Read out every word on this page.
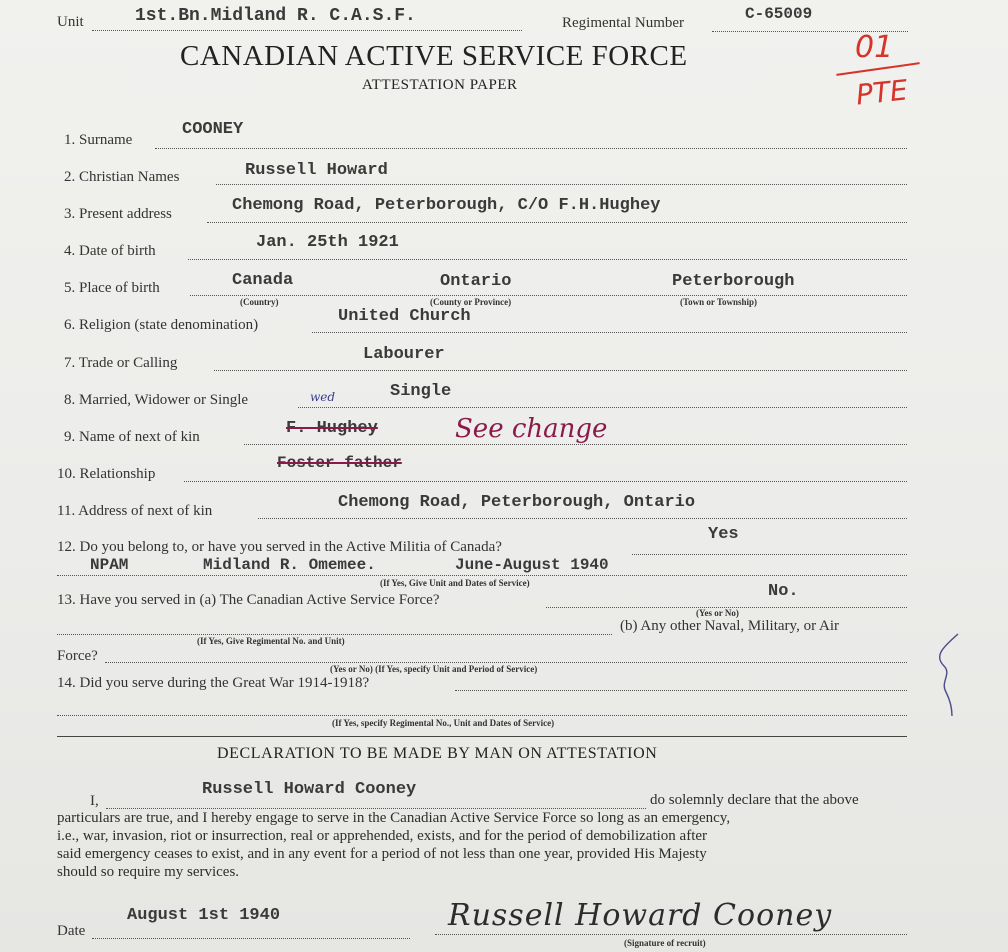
Unit	1st.Bn.Midland R. C.A.S.F.	Regimental Number	C-65009
CANADIAN ACTIVE SERVICE FORCE
ATTESTATION PAPER
01
PTE
1. Surname
COONEY
2. Christian Names	Russell Howard
3. Present address	Chemong Road, Peterborough, C/O F.H.Hughey
4. Date of birth	Jan. 25th 1921
5. Place of birth	Canada	Ontario	Peterborough
(Country)	(County or Province)	(Town or Township)
6. Religion (state denomination)	United Church
7. Trade or Calling	Labourer
8. Married, Widower or Single	wed	Single
9. Name of next of kin	F. Hughey	See change
10. Relationship
Foster-father
11. Address of next of kin	Chemong Road, Peterborough, Ontario
12. Do you belong to, or have you served in the Active Militia of Canada?
Yes
NPAM	Midland R. Omemee.	June-August 1940
(If Yes, Give Unit and Dates of Service)
13. Have you served in (a) The Canadian Active Service Force?	No.
(Yes or No)
(b) Any other Naval, Military, or Air
(If Yes, Give Regimental No. and Unit)
Force?
(Yes or No) (If Yes, specify Unit and Period of Service)
14. Did you serve during the Great War 1914-1918?
(If Yes, specify Regimental No., Unit and Dates of Service)
DECLARATION TO BE MADE BY MAN ON ATTESTATION
I,
Russell Howard Cooney
do solemnly declare that the above
particulars are true, and I hereby engage to serve in the Canadian Active Service Force so long as an emergency,
i.e., war, invasion, riot or insurrection, real or apprehended, exists, and for the period of demobilization after
said emergency ceases to exist, and in any event for a period of not less than one year, provided His Majesty
should so require my services.
Date
August 1st 1940	Russell Howard Cooney
(Signature of recruit)
